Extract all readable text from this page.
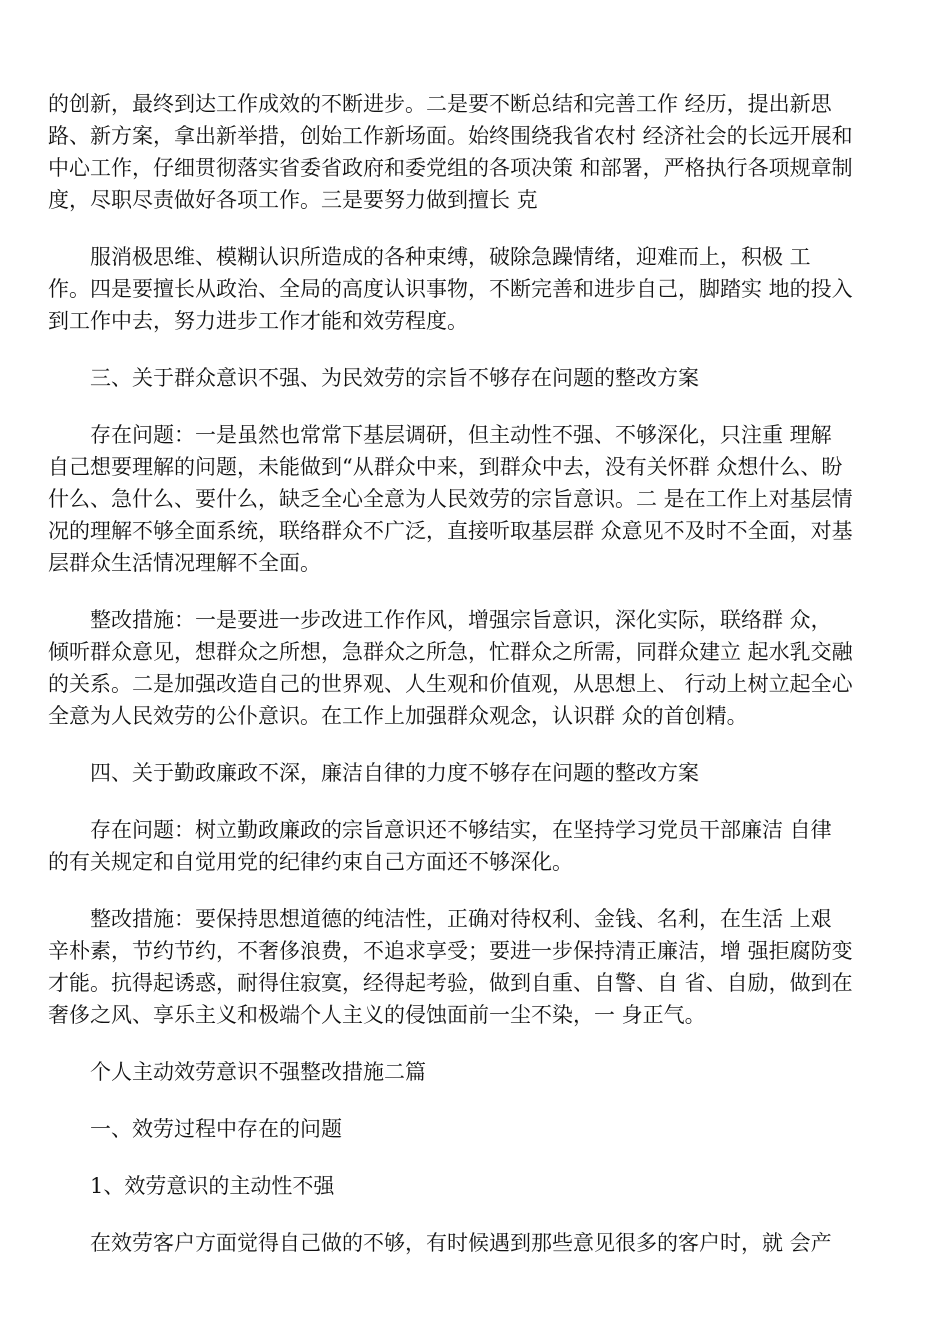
的创新，最终到达工作成效的不断进步。二是要不断总结和完善工作 经历，提出新思
路、新方案，拿出新举措，创始工作新场面。始终围绕我省农村 经济社会的长远开展和
中心工作，仔细贯彻落实省委省政府和委党组的各项决策 和部署，严格执行各项规章制
度，尽职尽责做好各项工作。三是要努力做到擅长 克
服消极思维、模糊认识所造成的各种束缚，破除急躁情绪，迎难而上，积极 工
作。四是要擅长从政治、全局的高度认识事物，不断完善和进步自己，脚踏实 地的投入
到工作中去，努力进步工作才能和效劳程度。
三、关于群众意识不强、为民效劳的宗旨不够存在问题的整改方案
存在问题：一是虽然也常常下基层调研，但主动性不强、不够深化，只注重 理解
自己想要理解的问题，未能做到“从群众中来，到群众中去，没有关怀群 众想什么、盼
什么、急什么、要什么，缺乏全心全意为人民效劳的宗旨意识。二 是在工作上对基层情
况的理解不够全面系统，联络群众不广泛，直接听取基层群 众意见不及时不全面，对基
层群众生活情况理解不全面。
整改措施：一是要进一步改进工作作风，增强宗旨意识，深化实际，联络群 众，
倾听群众意见，想群众之所想，急群众之所急，忙群众之所需，同群众建立 起水乳交融
的关系。二是加强改造自己的世界观、人生观和价值观，从思想上、 行动上树立起全心
全意为人民效劳的公仆意识。在工作上加强群众观念，认识群 众的首创精。
四、关于勤政廉政不深，廉洁自律的力度不够存在问题的整改方案
存在问题：树立勤政廉政的宗旨意识还不够结实，在坚持学习党员干部廉洁 自律
的有关规定和自觉用党的纪律约束自己方面还不够深化。
整改措施：要保持思想道德的纯洁性，正确对待权利、金钱、名利，在生活 上艰
辛朴素，节约节约，不奢侈浪费，不追求享受；要进一步保持清正廉洁，增 强拒腐防变
才能。抗得起诱惑，耐得住寂寞，经得起考验，做到自重、自警、自 省、自励，做到在
奢侈之风、享乐主义和极端个人主义的侵蚀面前一尘不染，一 身正气。
个人主动效劳意识不强整改措施二篇
一、效劳过程中存在的问题
1、效劳意识的主动性不强
在效劳客户方面觉得自己做的不够，有时候遇到那些意见很多的客户时，就 会产
